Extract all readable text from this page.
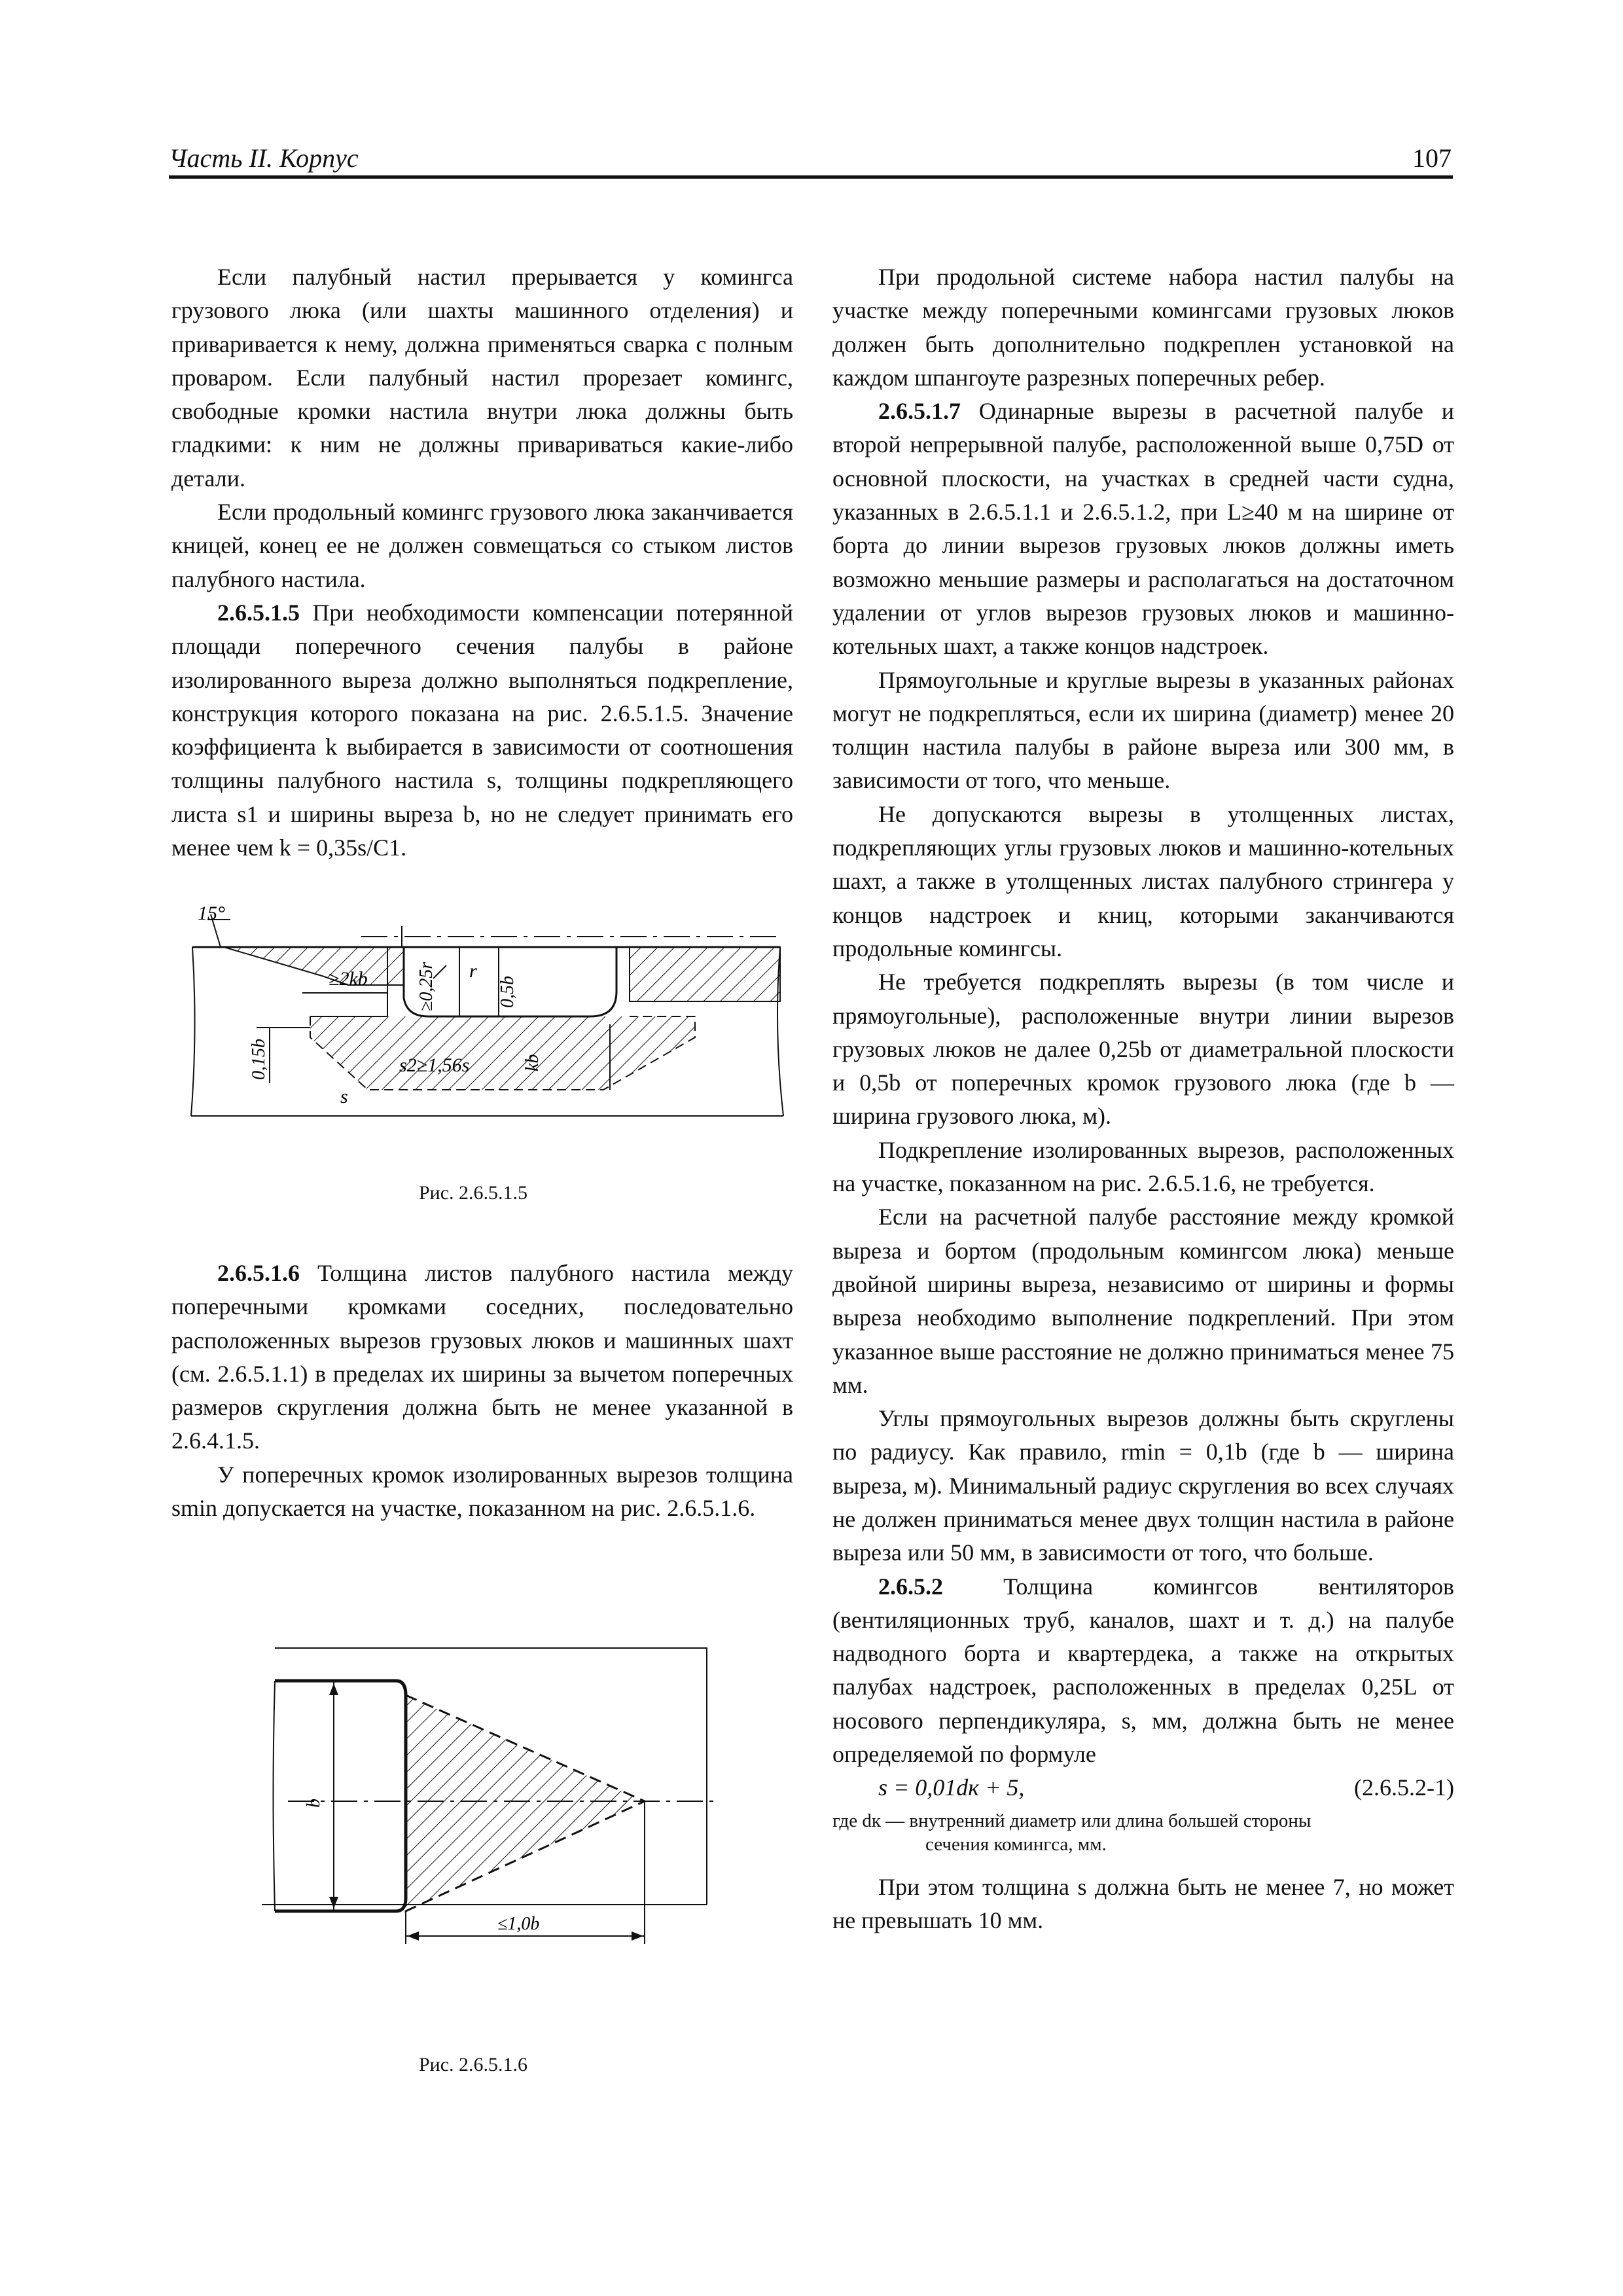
Часть II. Корпус	107

Если палубный настил прерывается у комингса грузового люка (или шахты машинного отделения) и приваривается к нему, должна применяться сварка с полным проваром. Если палубный настил прорезает комингс, свободные кромки настила внутри люка должны быть гладкими: к ним не должны привариваться какие-либо детали.

Если продольный комингс грузового люка заканчивается кницей, конец ее не должен совмещаться со стыком листов палубного настила.

2.6.5.1.5 При необходимости компенсации потерянной площади поперечного сечения палубы в районе изолированного выреза должно выполняться подкрепление, конструкция которого показана на рис. 2.6.5.1.5. Значение коэффициента k выбирается в зависимости от соотношения толщины палубного настила s, толщины подкрепляющего листа s1 и ширины выреза b, но не следует принимать его менее чем k = 0,35s/C1.

15°
≥2kb	≥0,25r r
0,5b
0,15b	s2≥1,56s	kb
s
Рис. 2.6.5.1.5

2.6.5.1.6 Толщина листов палубного настила между поперечными кромками соседних, последовательно расположенных вырезов грузовых люков и машинных шахт (см. 2.6.5.1.1) в пределах их ширины за вычетом поперечных размеров скругления должна быть не менее указанной в 2.6.4.1.5.

У поперечных кромок изолированных вырезов толщина smin допускается на участке, показанном на рис. 2.6.5.1.6.

b
≤1,0b
Рис. 2.6.5.1.6

При продольной системе набора настил палубы на участке между поперечными комингсами грузовых люков должен быть дополнительно подкреплен установкой на каждом шпангоуте разрезных поперечных ребер.

2.6.5.1.7 Одинарные вырезы в расчетной палубе и второй непрерывной палубе, расположенной выше 0,75D от основной плоскости, на участках в средней части судна, указанных в 2.6.5.1.1 и 2.6.5.1.2, при L≥40 м на ширине от борта до линии вырезов грузовых люков должны иметь возможно меньшие размеры и располагаться на достаточном удалении от углов вырезов грузовых люков и машинно-котельных шахт, а также концов надстроек.

Прямоугольные и круглые вырезы в указанных районах могут не подкрепляться, если их ширина (диаметр) менее 20 толщин настила палубы в районе выреза или 300 мм, в зависимости от того, что меньше.

Не допускаются вырезы в утолщенных листах, подкрепляющих углы грузовых люков и машинно-котельных шахт, а также в утолщенных листах палубного стрингера у концов надстроек и книц, которыми заканчиваются продольные комингсы.

Не требуется подкреплять вырезы (в том числе и прямоугольные), расположенные внутри линии вырезов грузовых люков не далее 0,25b от диаметральной плоскости и 0,5b от поперечных кромок грузового люка (где b — ширина грузового люка, м).

Подкрепление изолированных вырезов, расположенных на участке, показанном на рис. 2.6.5.1.6, не требуется.

Если на расчетной палубе расстояние между кромкой выреза и бортом (продольным комингсом люка) меньше двойной ширины выреза, независимо от ширины и формы выреза необходимо выполнение подкреплений. При этом указанное выше расстояние не должно приниматься менее 75 мм.

Углы прямоугольных вырезов должны быть скруглены по радиусу. Как правило, rmin = 0,1b (где b — ширина выреза, м). Минимальный радиус скругления во всех случаях не должен приниматься менее двух толщин настила в районе выреза или 50 мм, в зависимости от того, что больше.

2.6.5.2	Толщина комингсов вентиляторов (вентиляционных труб, каналов, шахт и т. д.) на палубе надводного борта и квартердека, а также на открытых палубах надстроек, расположенных в пределах 0,25L от носового перпендикуляра, s, мм, должна быть не менее определяемой по формуле

s = 0,01dк + 5,	(2.6.5.2-1)

где dк — внутренний диаметр или длина большей стороны
сечения комингса, мм.

При этом толщина s должна быть не менее 7, но может не превышать 10 мм.
